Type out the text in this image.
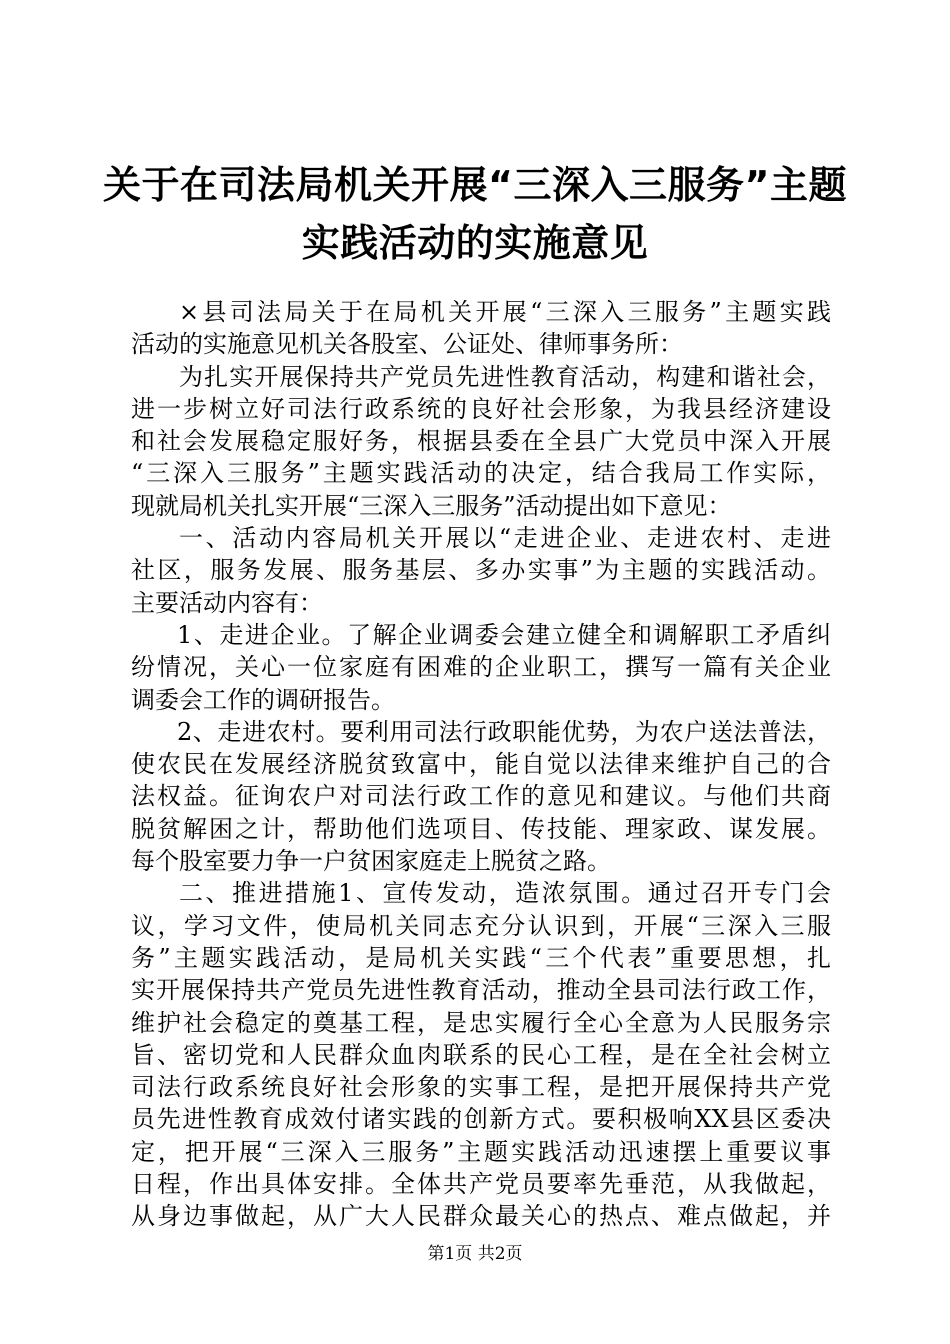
关于在司法局机关开展“三深入三服务”主题
实践活动的实施意见
×县司法局关于在局机关开展“三深入三服务”主题实践
活动的实施意见机关各股室、公证处、律师事务所：
为扎实开展保持共产党员先进性教育活动，构建和谐社会，
进一步树立好司法行政系统的良好社会形象，为我县经济建设
和社会发展稳定服好务，根据县委在全县广大党员中深入开展
“三深入三服务”主题实践活动的决定，结合我局工作实际，
现就局机关扎实开展“三深入三服务”活动提出如下意见：
一、活动内容局机关开展以“走进企业、走进农村、走进
社区，服务发展、服务基层、多办实事”为主题的实践活动。
主要活动内容有：
1、走进企业。了解企业调委会建立健全和调解职工矛盾纠
纷情况，关心一位家庭有困难的企业职工，撰写一篇有关企业
调委会工作的调研报告。
2、走进农村。要利用司法行政职能优势，为农户送法普法，
使农民在发展经济脱贫致富中，能自觉以法律来维护自己的合
法权益。征询农户对司法行政工作的意见和建议。与他们共商
脱贫解困之计，帮助他们选项目、传技能、理家政、谋发展。
每个股室要力争一户贫困家庭走上脱贫之路。
二、推进措施1、宣传发动，造浓氛围。通过召开专门会
议，学习文件，使局机关同志充分认识到，开展“三深入三服
务”主题实践活动，是局机关实践“三个代表”重要思想，扎
实开展保持共产党员先进性教育活动，推动全县司法行政工作，
维护社会稳定的奠基工程，是忠实履行全心全意为人民服务宗
旨、密切党和人民群众血肉联系的民心工程，是在全社会树立
司法行政系统良好社会形象的实事工程，是把开展保持共产党
员先进性教育成效付诸实践的创新方式。要积极响XX县区委决
定，把开展“三深入三服务”主题实践活动迅速摆上重要议事
日程，作出具体安排。全体共产党员要率先垂范，从我做起，
从身边事做起，从广大人民群众最关心的热点、难点做起，并
第1页 共2页
